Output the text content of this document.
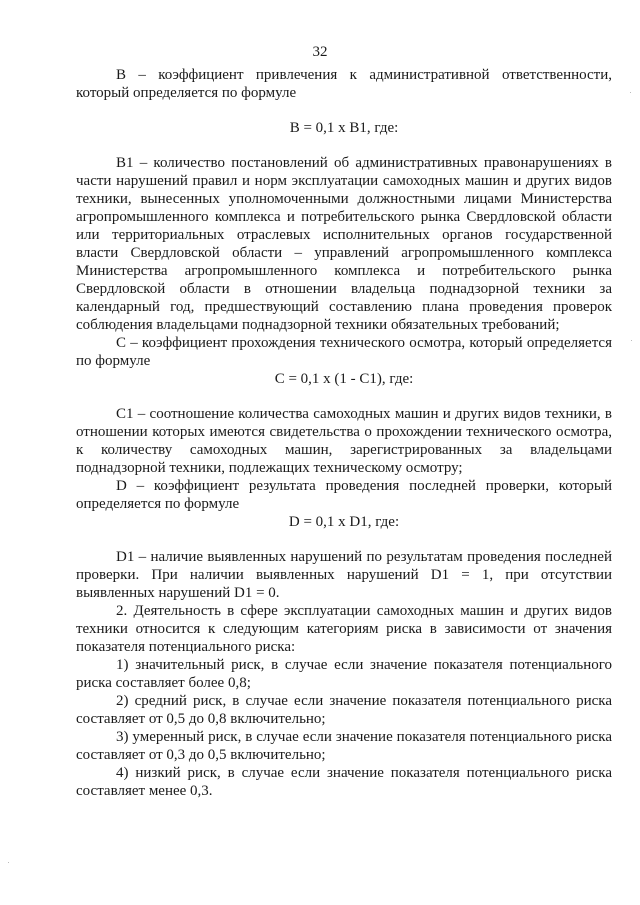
32

В – коэффициент привлечения к административной ответственности, который определяется по формуле

В = 0,1 x В1, где:

В1 – количество постановлений об административных правонарушениях в части нарушений правил и норм эксплуатации самоходных машин и других видов техники, вынесенных уполномоченными должностными лицами Министерства агропромышленного комплекса и потребительского рынка Свердловской области или территориальных отраслевых исполнительных органов государственной власти Свердловской области – управлений агропромышленного комплекса Министерства агропромышленного комплекса и потребительского рынка Свердловской области в отношении владельца поднадзорной техники за календарный год, предшествующий составлению плана проведения проверок соблюдения владельцами поднадзорной техники обязательных требований;

С – коэффициент прохождения технического осмотра, который определяется по формуле

С = 0,1 x (1 - С1), где:

С1 – соотношение количества самоходных машин и других видов техники, в отношении которых имеются свидетельства о прохождении технического осмотра, к количеству самоходных машин, зарегистрированных за владельцами поднадзорной техники, подлежащих техническому осмотру;

D – коэффициент результата проведения последней проверки, который определяется по формуле

D = 0,1 x D1, где:

D1 – наличие выявленных нарушений по результатам проведения последней проверки. При наличии выявленных нарушений D1 = 1, при отсутствии выявленных нарушений D1 = 0.

2. Деятельность в сфере эксплуатации самоходных машин и других видов техники относится к следующим категориям риска в зависимости от значения показателя потенциального риска:

1) значительный риск, в случае если значение показателя потенциального риска составляет более 0,8;

2) средний риск, в случае если значение показателя потенциального риска составляет от 0,5 до 0,8 включительно;

3) умеренный риск, в случае если значение показателя потенциального риска составляет от 0,3 до 0,5 включительно;

4) низкий риск, в случае если значение показателя потенциального риска составляет менее 0,3.
